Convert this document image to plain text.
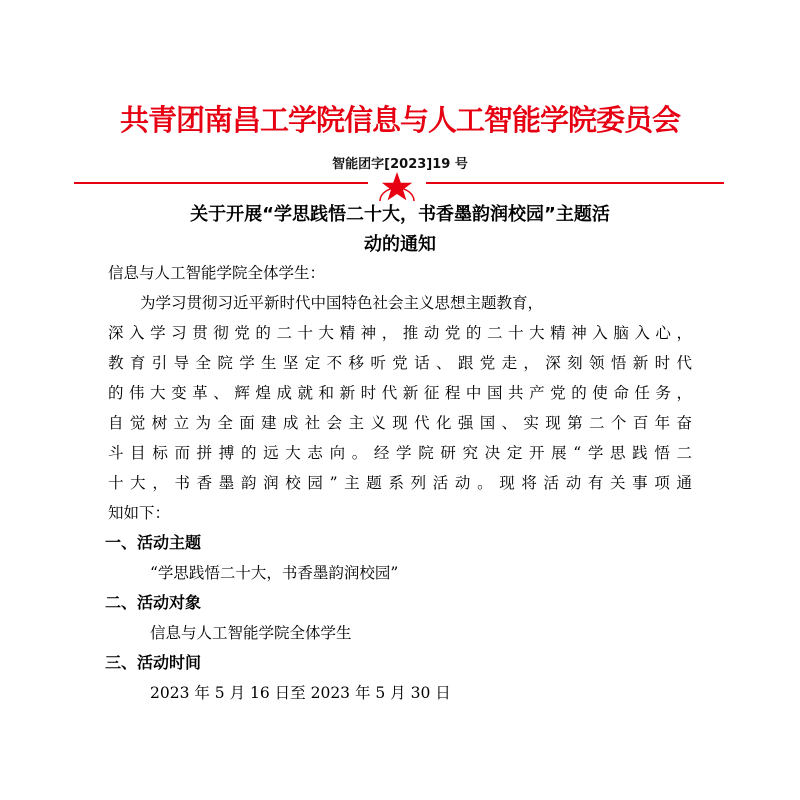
共青团南昌工学院信息与人工智能学院委员会
智能团字[2023]19 号
关于开展“学思践悟二十大，书香墨韵润校园”主题活
动的通知
信息与人工智能学院全体学生：
为学习贯彻习近平新时代中国特色社会主义思想主题教育，
深入学习贯彻党的二十大精神，推动党的二十大精神入脑入心，
教育引导全院学生坚定不移听党话、跟党走，深刻领悟新时代
的伟大变革、辉煌成就和新时代新征程中国共产党的使命任务，
自觉树立为全面建成社会主义现代化强国、实现第二个百年奋
斗目标而拼搏的远大志向。经学院研究决定开展“学思践悟二
十大，书香墨韵润校园”主题系列活动。现将活动有关事项通
知如下：
一、活动主题
“学思践悟二十大，书香墨韵润校园”
二、活动对象
信息与人工智能学院全体学生
三、活动时间
2023 年 5 月 16 日至 2023 年 5 月 30 日
